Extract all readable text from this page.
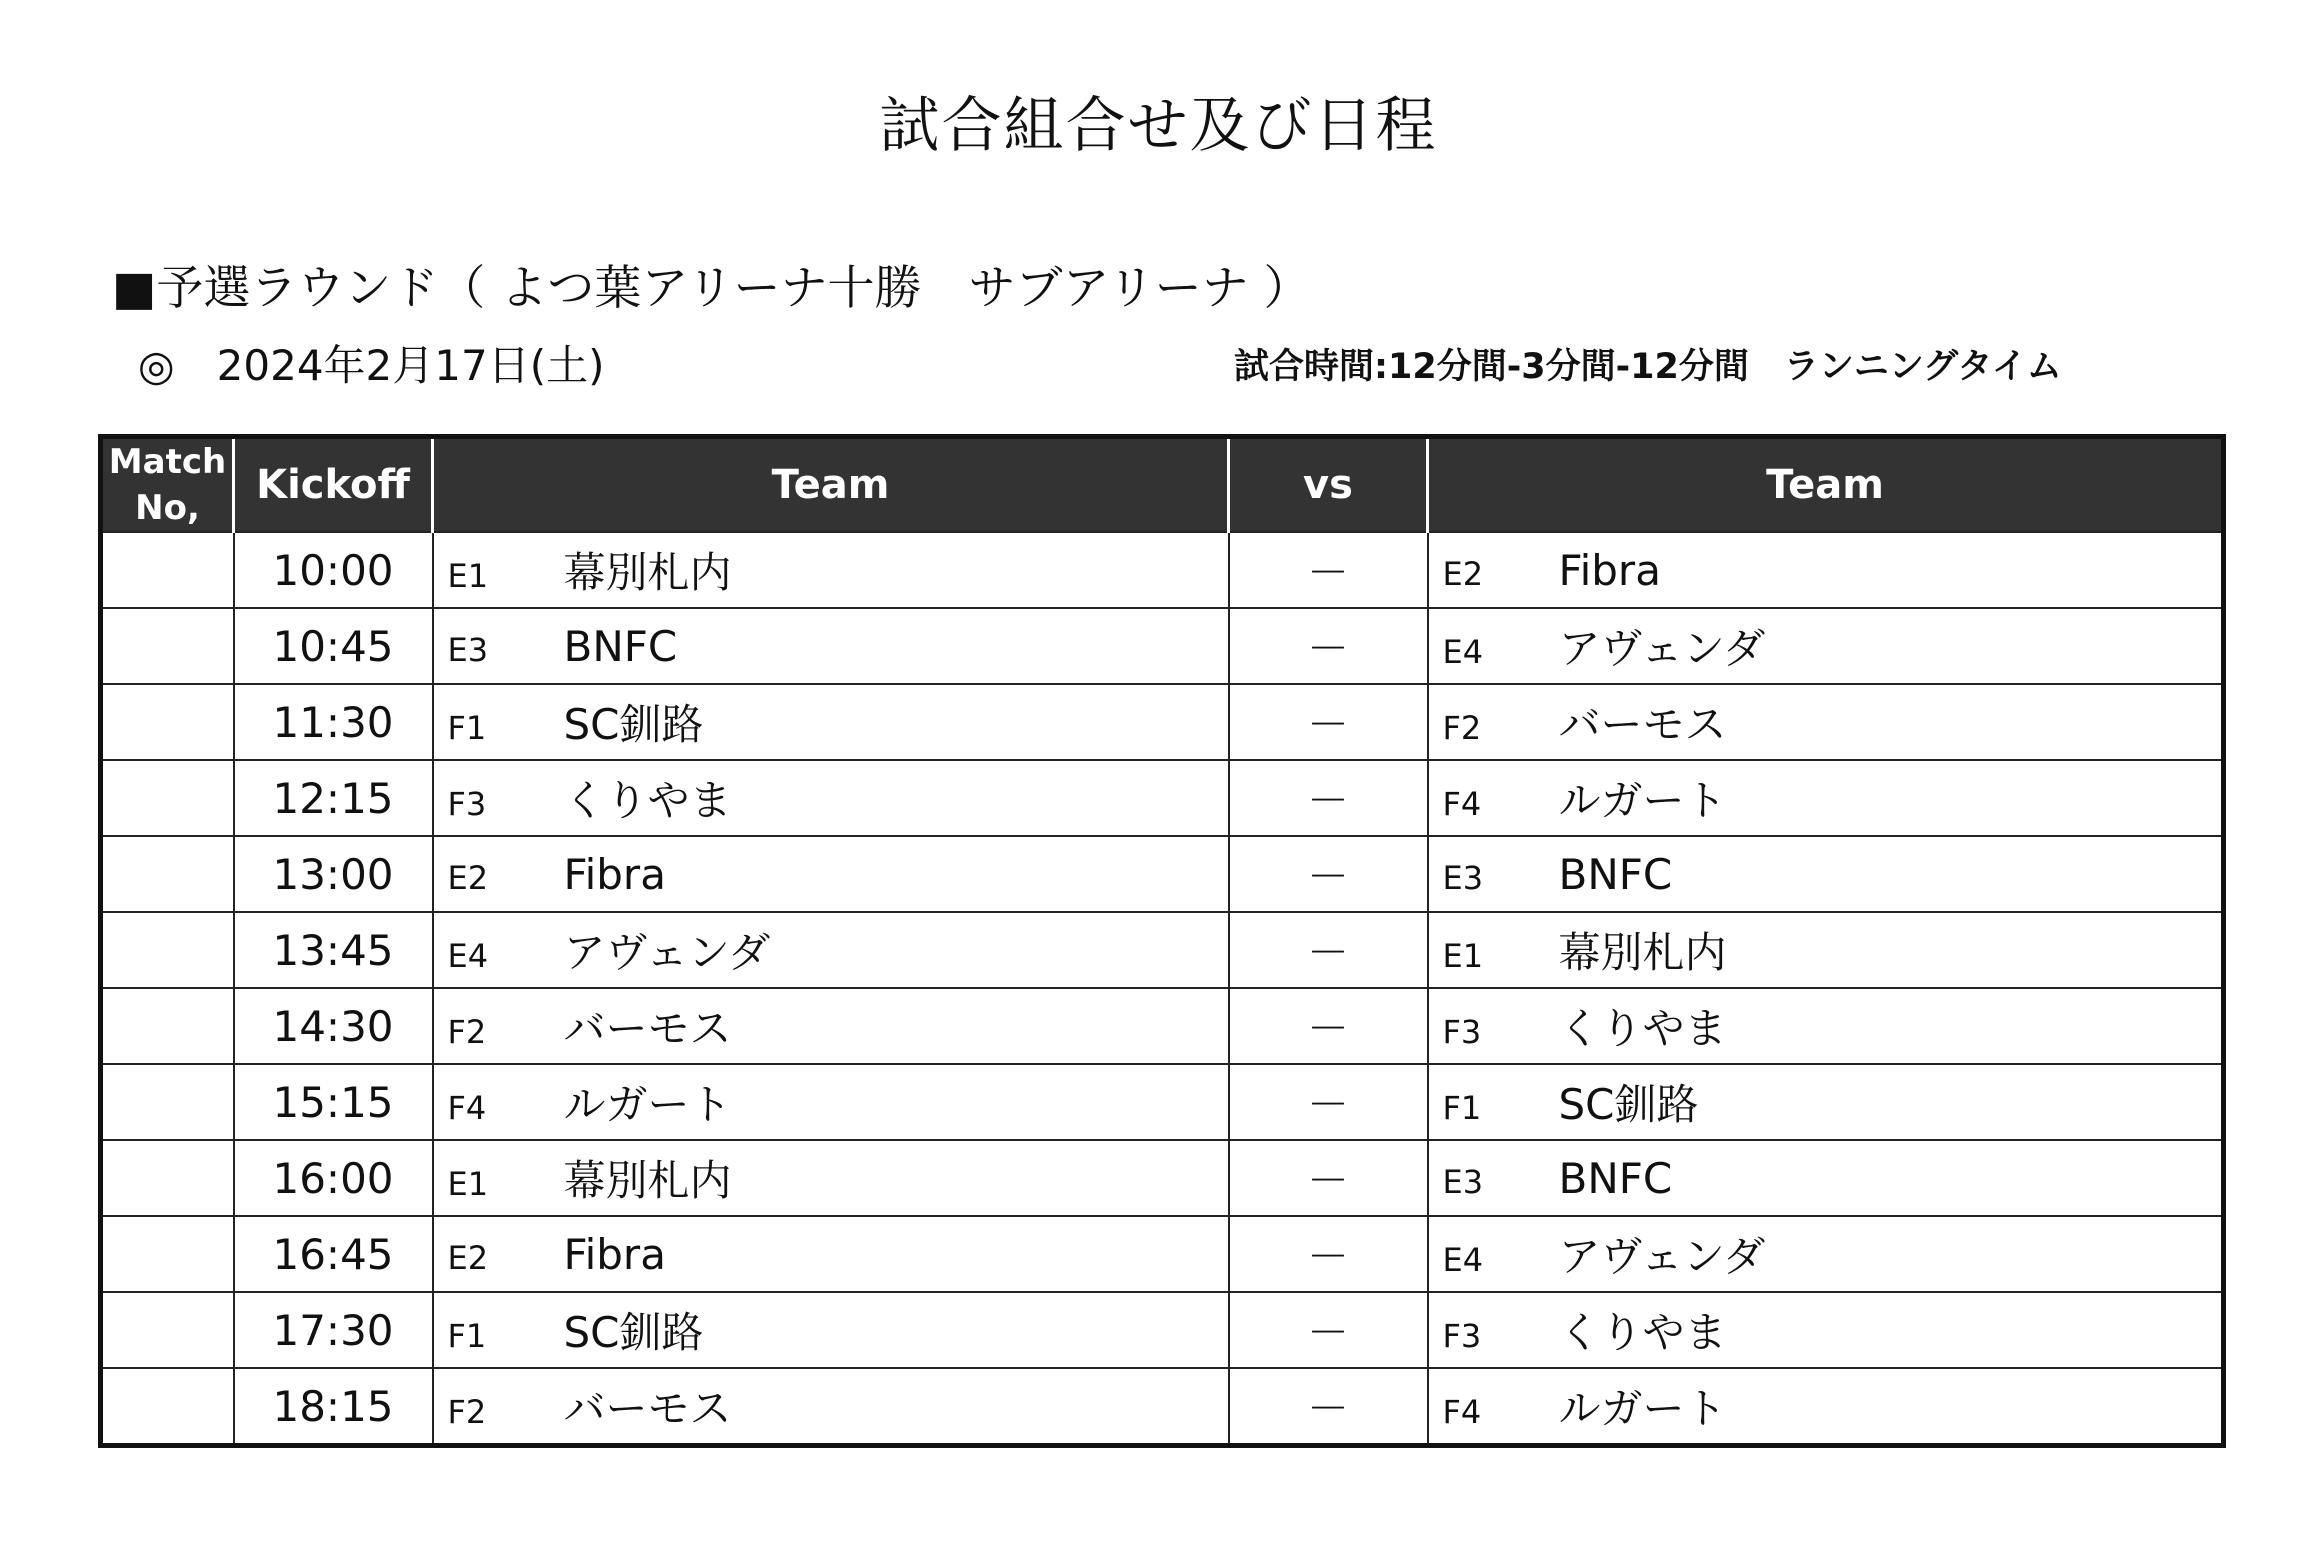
試合組合せ及び日程
■予選ラウンド（ よつ葉アリーナ十勝　サブアリーナ ）
◎　2024年2月17日(土)	試合時間:12分間-3分間-12分間　ランニングタイム
Match No,	Kickoff	Team	vs	Team
	10:00	E1 幕別札内	－	E2 Fibra
	10:45	E3 BNFC	－	E4 アヴェンダ
	11:30	F1 SC釧路	－	F2 バーモス
	12:15	F3 くりやま	－	F4 ルガート
	13:00	E2 Fibra	－	E3 BNFC
	13:45	E4 アヴェンダ	－	E1 幕別札内
	14:30	F2 バーモス	－	F3 くりやま
	15:15	F4 ルガート	－	F1 SC釧路
	16:00	E1 幕別札内	－	E3 BNFC
	16:45	E2 Fibra	－	E4 アヴェンダ
	17:30	F1 SC釧路	－	F3 くりやま
	18:15	F2 バーモス	－	F4 ルガート
